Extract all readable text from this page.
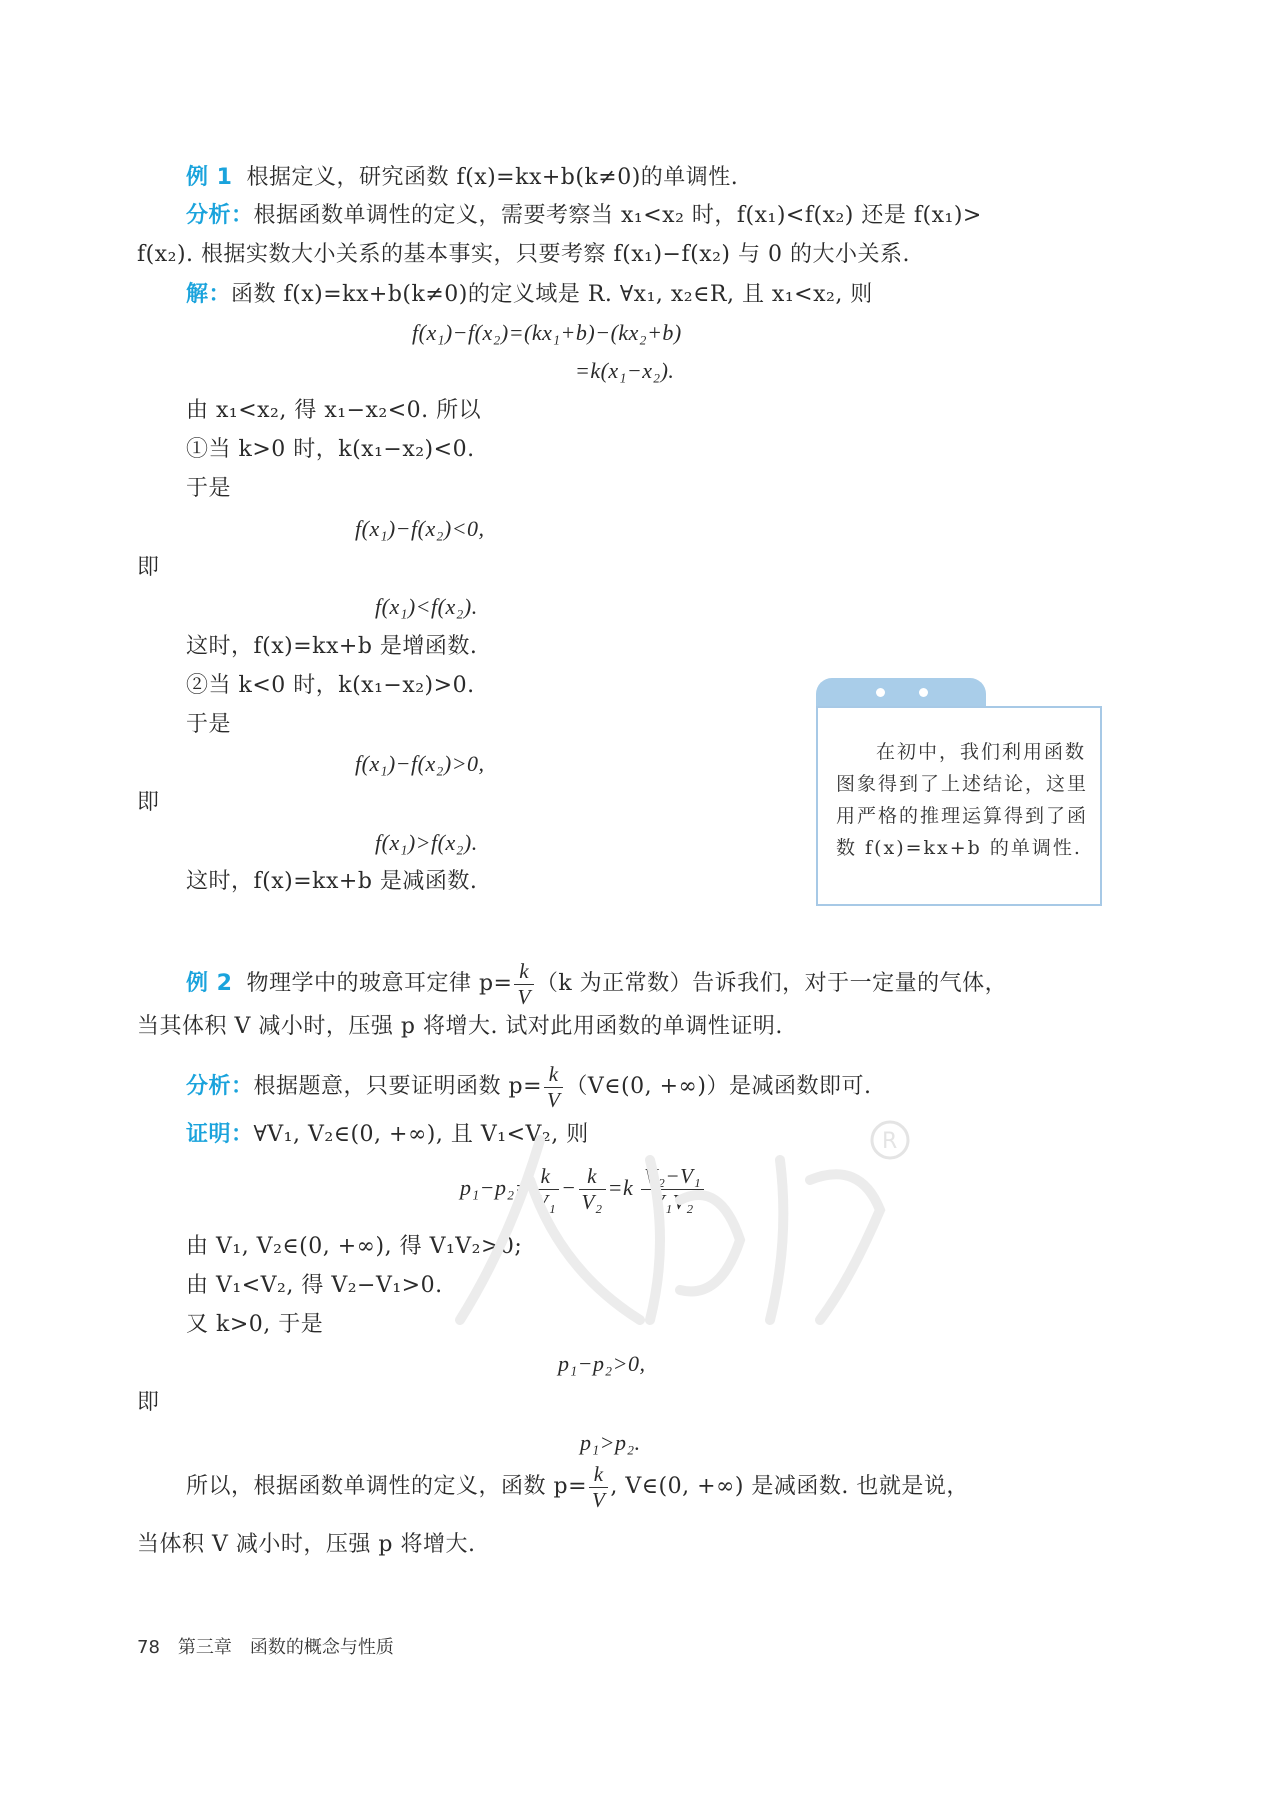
例 1 根据定义，研究函数 f(x)=kx+b(k≠0)的单调性.
分析：根据函数单调性的定义，需要考察当 x₁<x₂ 时，f(x₁)<f(x₂) 还是 f(x₁)>
f(x₂). 根据实数大小关系的基本事实，只要考察 f(x₁)−f(x₂) 与 0 的大小关系.
解：函数 f(x)=kx+b(k≠0)的定义域是 R. ∀x₁, x₂∈R, 且 x₁<x₂, 则
f(x₁)−f(x₂)=(kx₁+b)−(kx₂+b)
=k(x₁−x₂).
由 x₁<x₂, 得 x₁−x₂<0. 所以
①当 k>0 时，k(x₁−x₂)<0.
于是
f(x₁)−f(x₂)<0,
即
f(x₁)<f(x₂).
这时，f(x)=kx+b 是增函数.
②当 k<0 时，k(x₁−x₂)>0.
于是
f(x₁)−f(x₂)>0,
即
f(x₁)>f(x₂).
这时，f(x)=kx+b 是减函数.
在初中，我们利用函数图象得到了上述结论，这里用严格的推理运算得到了函数 f(x)=kx+b 的单调性.
例 2 物理学中的玻意耳定律 $p= \frac{k}{V} (k$ 为正常数）告诉我们，对于一定量的气体，
当其体积 V 减小时，压强 p 将增大. 试对此用函数的单调性证明.
分析：根据题意，只要证明函数 $p= \frac{k}{V}$ （V∈(0, +∞)）是减函数即可.
证明：∀V₁, V₂∈(0, +∞), 且 V₁<V₂, 则
$p_1-p_2= \frac{k}{\text{V₁}} - \frac{k}{\text{V₂}} =k \frac{\text{V₂−V₁}}{\text{V₁V₂}}$ .
由 V₁, V₂∈(0, +∞), 得 V₁V₂>0;
由 V₁<V₂, 得 V₂−V₁>0.
又 k>0, 于是
p₁−p₂>0,
即
p₁>p₂.
所以，根据函数单调性的定义，函数 $p= \frac{k}{V}$ , V∈(0, +∞) 是减函数. 也就是说，
当体积 V 减小时，压强 p 将增大.
R
78 第三章 函数的概念与性质
